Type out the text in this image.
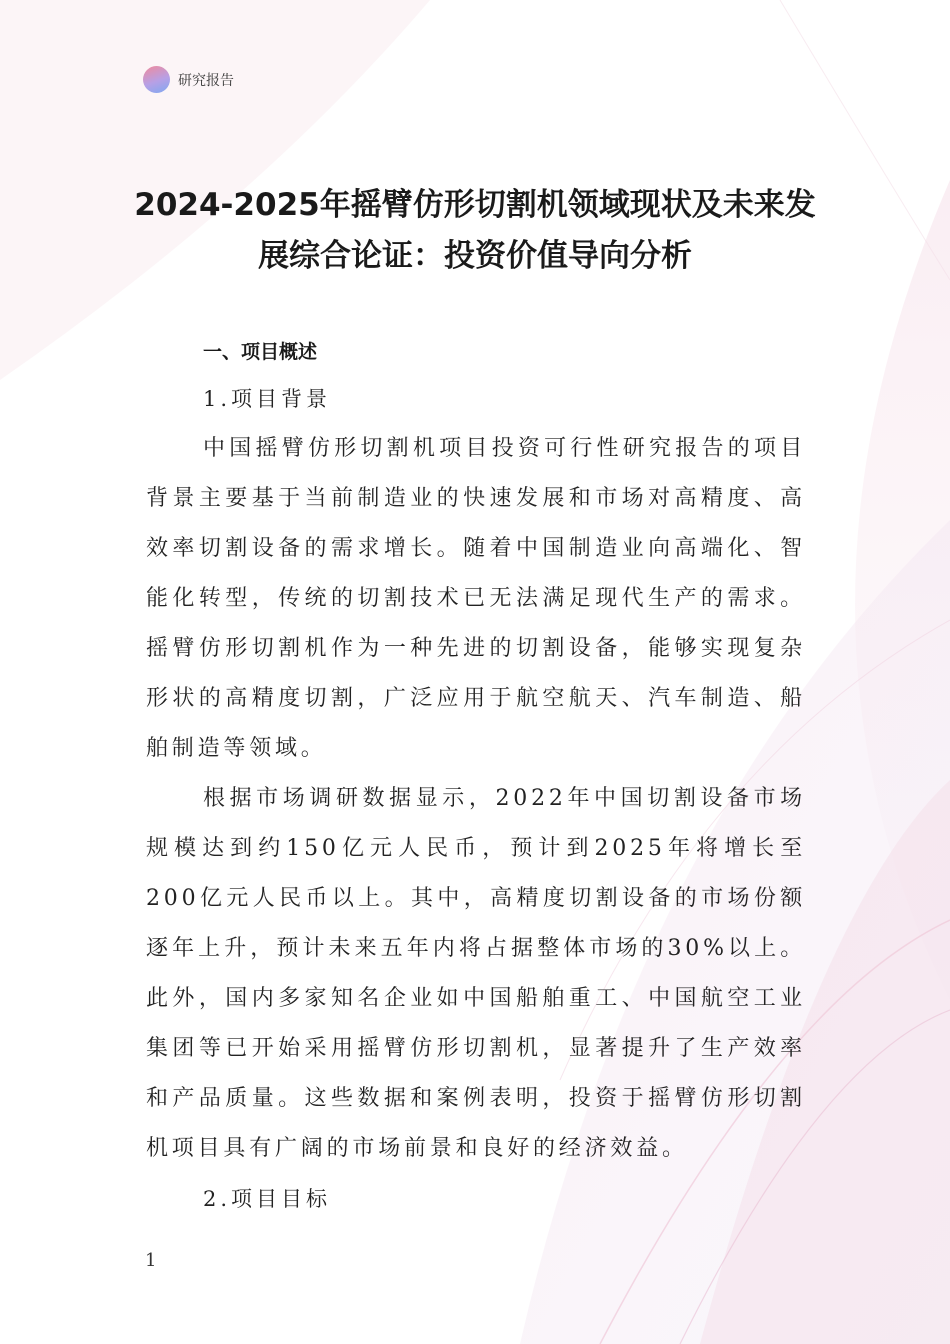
研究报告
2024-2025年摇臂仿形切割机领域现状及未来发
展综合论证：投资价值导向分析

一、项目概述

1.项目背景

中国摇臂仿形切割机项目投资可行性研究报告的项目背景主要基于当前制造业的快速发展和市场对高精度、高效率切割设备的需求增长。随着中国制造业向高端化、智能化转型，传统的切割技术已无法满足现代生产的需求。摇臂仿形切割机作为一种先进的切割设备，能够实现复杂形状的高精度切割，广泛应用于航空航天、汽车制造、船舶制造等领域。

根据市场调研数据显示，2022年中国切割设备市场规模达到约150亿元人民币，预计到2025年将增长至200亿元人民币以上。其中，高精度切割设备的市场份额逐年上升，预计未来五年内将占据整体市场的30%以上。此外，国内多家知名企业如中国船舶重工、中国航空工业集团等已开始采用摇臂仿形切割机，显著提升了生产效率和产品质量。这些数据和案例表明，投资于摇臂仿形切割机项目具有广阔的市场前景和良好的经济效益。

2.项目目标

1
